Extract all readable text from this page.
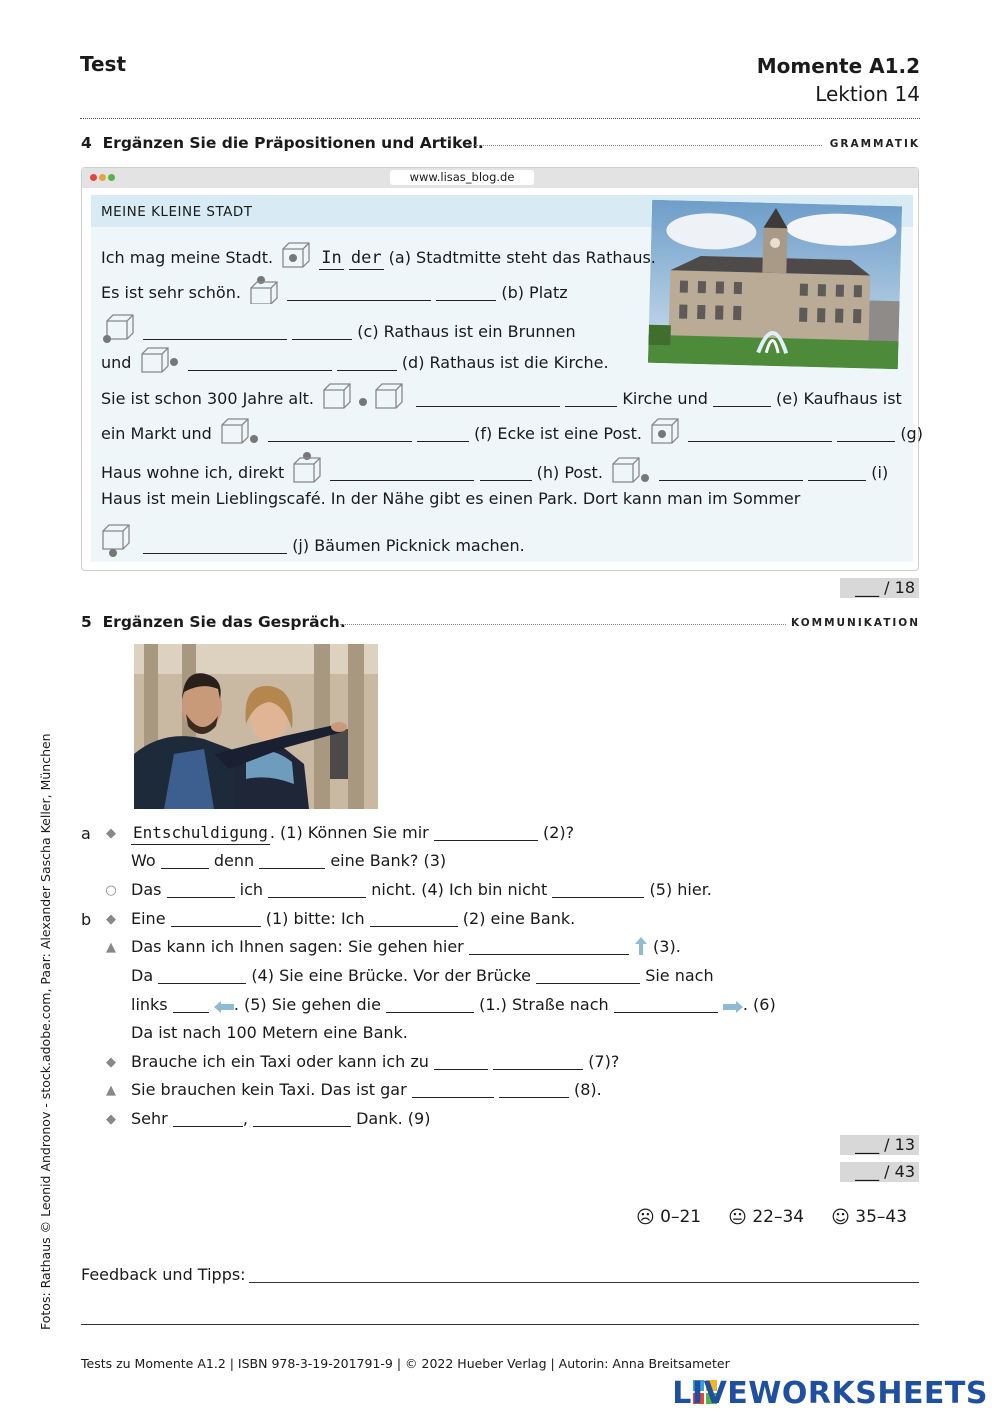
Test	Momente A1.2
Lektion 14
4 Ergänzen Sie die Präpositionen und Artikel.	GRAMMATIK
www.lisas_blog.de
MEINE KLEINE STADT
Ich mag meine Stadt.	In der (a) Stadtmitte steht das Rathaus.
Es ist sehr schön.	(b) Platz
(c) Rathaus ist ein Brunnen
und	(d) Rathaus ist die Kirche.
Sie ist schon 300 Jahre alt.	Kirche und	(e) Kaufhaus ist
ein Markt und	(f) Ecke ist eine Post.	(g)
Haus wohne ich, direkt	(h) Post.	(i)
Haus ist mein Lieblingscafé. In der Nähe gibt es einen Park. Dort kann man im Sommer
(j) Bäumen Picknick machen.
___ / 18
5 Ergänzen Sie das Gespräch.	KOMMUNIKATION
a
b
◆ Entschuldigung . (1) Können Sie mir	(2)?
Wo	denn	eine Bank? (3)
○ Das	ich	nicht. (4) Ich bin nicht	(5) hier.
◆ Eine	(1) bitte: Ich	(2) eine Bank.
▲ Das kann ich Ihnen sagen: Sie gehen hier	(3).
Da	(4) Sie eine Brücke. Vor der Brücke	Sie nach
links	. (5) Sie gehen die	(1.) Straße nach	. (6)
Da ist nach 100 Metern eine Bank.
◆ Brauche ich ein Taxi oder kann ich zu	(7)?
▲ Sie brauchen kein Taxi. Das ist gar	(8).
◆ Sehr	,	Dank. (9)
___ / 13
___ / 43
☹ 0–21 😐 22–34 ☺ 35–43
Feedback und Tipps:
Fotos: Rathaus © Leonid Andronov - stock.adobe.com, Paar: Alexander Sascha Keller, München
Tests zu Momente A1.2 | ISBN 978-3-19-201791-9 | © 2022 Hueber Verlag | Autorin: Anna Breitsameter
LIVEWORKSHEETS
